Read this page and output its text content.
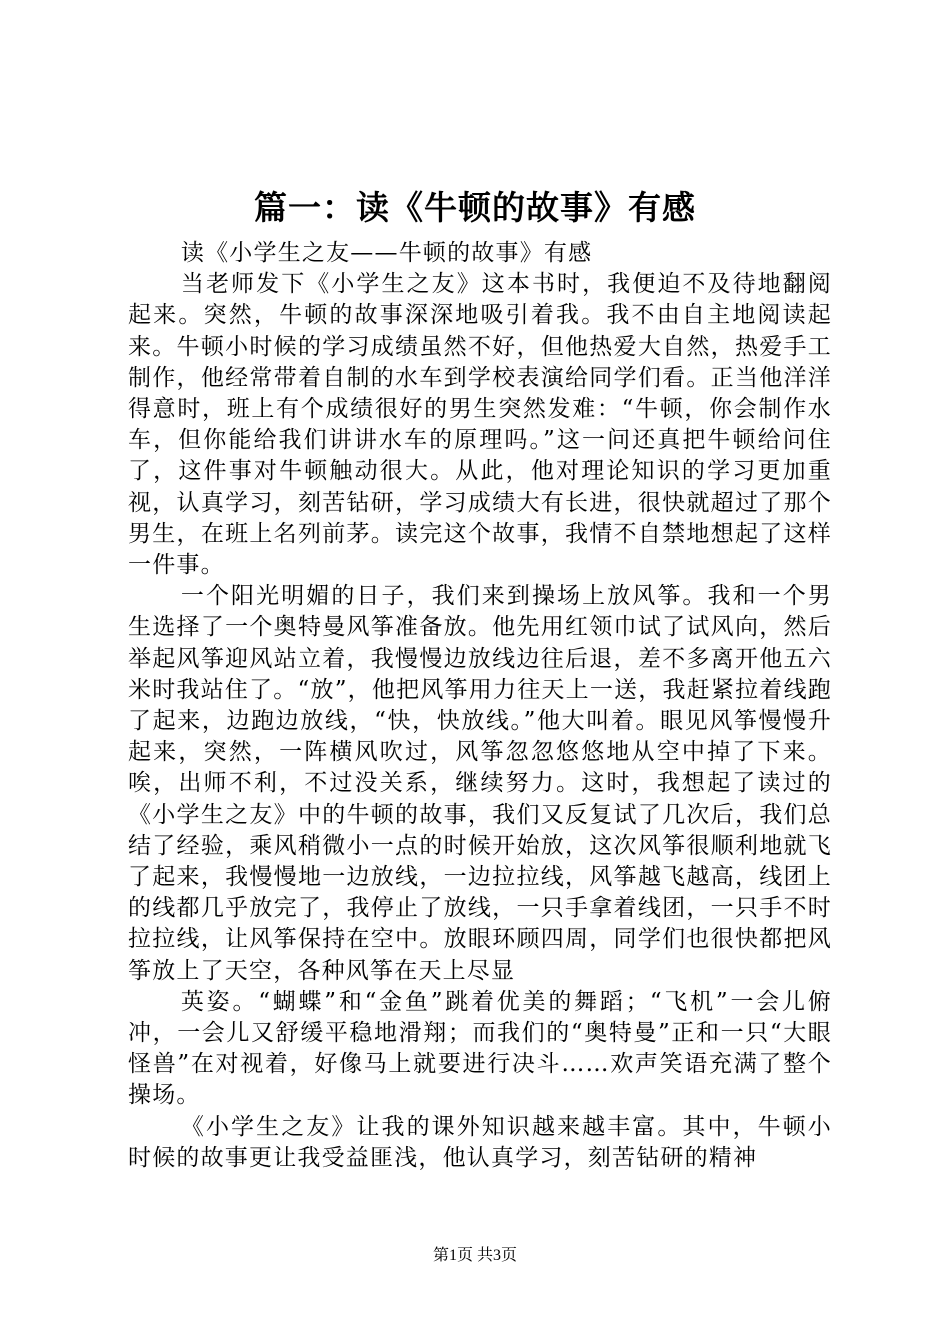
篇一：读《牛顿的故事》有感

读《小学生之友——牛顿的故事》有感

当老师发下《小学生之友》这本书时，我便迫不及待地翻阅起来。突然，牛顿的故事深深地吸引着我。我不由自主地阅读起来。牛顿小时候的学习成绩虽然不好，但他热爱大自然，热爱手工制作，他经常带着自制的水车到学校表演给同学们看。正当他洋洋得意时，班上有个成绩很好的男生突然发难：“牛顿，你会制作水车，但你能给我们讲讲水车的原理吗。”这一问还真把牛顿给问住了，这件事对牛顿触动很大。从此，他对理论知识的学习更加重视，认真学习，刻苦钻研，学习成绩大有长进，很快就超过了那个男生，在班上名列前茅。读完这个故事，我情不自禁地想起了这样一件事。

一个阳光明媚的日子，我们来到操场上放风筝。我和一个男生选择了一个奥特曼风筝准备放。他先用红领巾试了试风向，然后举起风筝迎风站立着，我慢慢边放线边往后退，差不多离开他五六米时我站住了。“放”，他把风筝用力往天上一送，我赶紧拉着线跑了起来，边跑边放线，“快，快放线。”他大叫着。眼见风筝慢慢升起来，突然，一阵横风吹过，风筝忽忽悠悠地从空中掉了下来。唉，出师不利，不过没关系，继续努力。这时，我想起了读过的《小学生之友》中的牛顿的故事，我们又反复试了几次后，我们总结了经验，乘风稍微小一点的时候开始放，这次风筝很顺利地就飞了起来，我慢慢地一边放线，一边拉拉线，风筝越飞越高，线团上的线都几乎放完了，我停止了放线，一只手拿着线团，一只手不时拉拉线，让风筝保持在空中。放眼环顾四周，同学们也很快都把风筝放上了天空，各种风筝在天上尽显

英姿。“蝴蝶”和“金鱼”跳着优美的舞蹈；“飞机”一会儿俯冲，一会儿又舒缓平稳地滑翔；而我们的“奥特曼”正和一只“大眼怪兽”在对视着，好像马上就要进行决斗……欢声笑语充满了整个操场。

《小学生之友》让我的课外知识越来越丰富。其中，牛顿小时候的故事更让我受益匪浅，他认真学习，刻苦钻研的精神

第1页 共3页
